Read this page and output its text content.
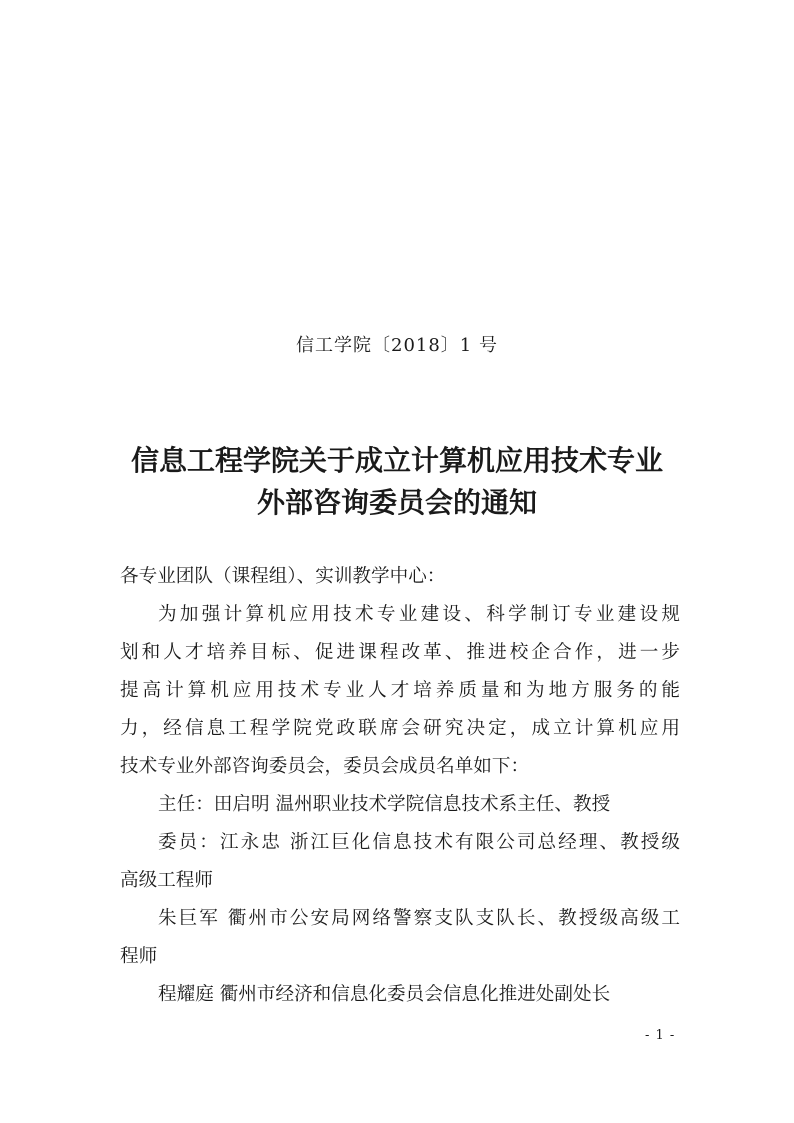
信工学院〔2018〕1 号
信息工程学院关于成立计算机应用技术专业
外部咨询委员会的通知
各专业团队（课程组）、实训教学中心：
为加强计算机应用技术专业建设、科学制订专业建设规
划和人才培养目标、促进课程改革、推进校企合作，进一步
提高计算机应用技术专业人才培养质量和为地方服务的能
力，经信息工程学院党政联席会研究决定，成立计算机应用
技术专业外部咨询委员会，委员会成员名单如下：
主任：田启明 温州职业技术学院信息技术系主任、教授
委员：江永忠 浙江巨化信息技术有限公司总经理、教授级
高级工程师
朱巨军 衢州市公安局网络警察支队支队长、教授级高级工
程师
程耀庭 衢州市经济和信息化委员会信息化推进处副处长
- 1 -
